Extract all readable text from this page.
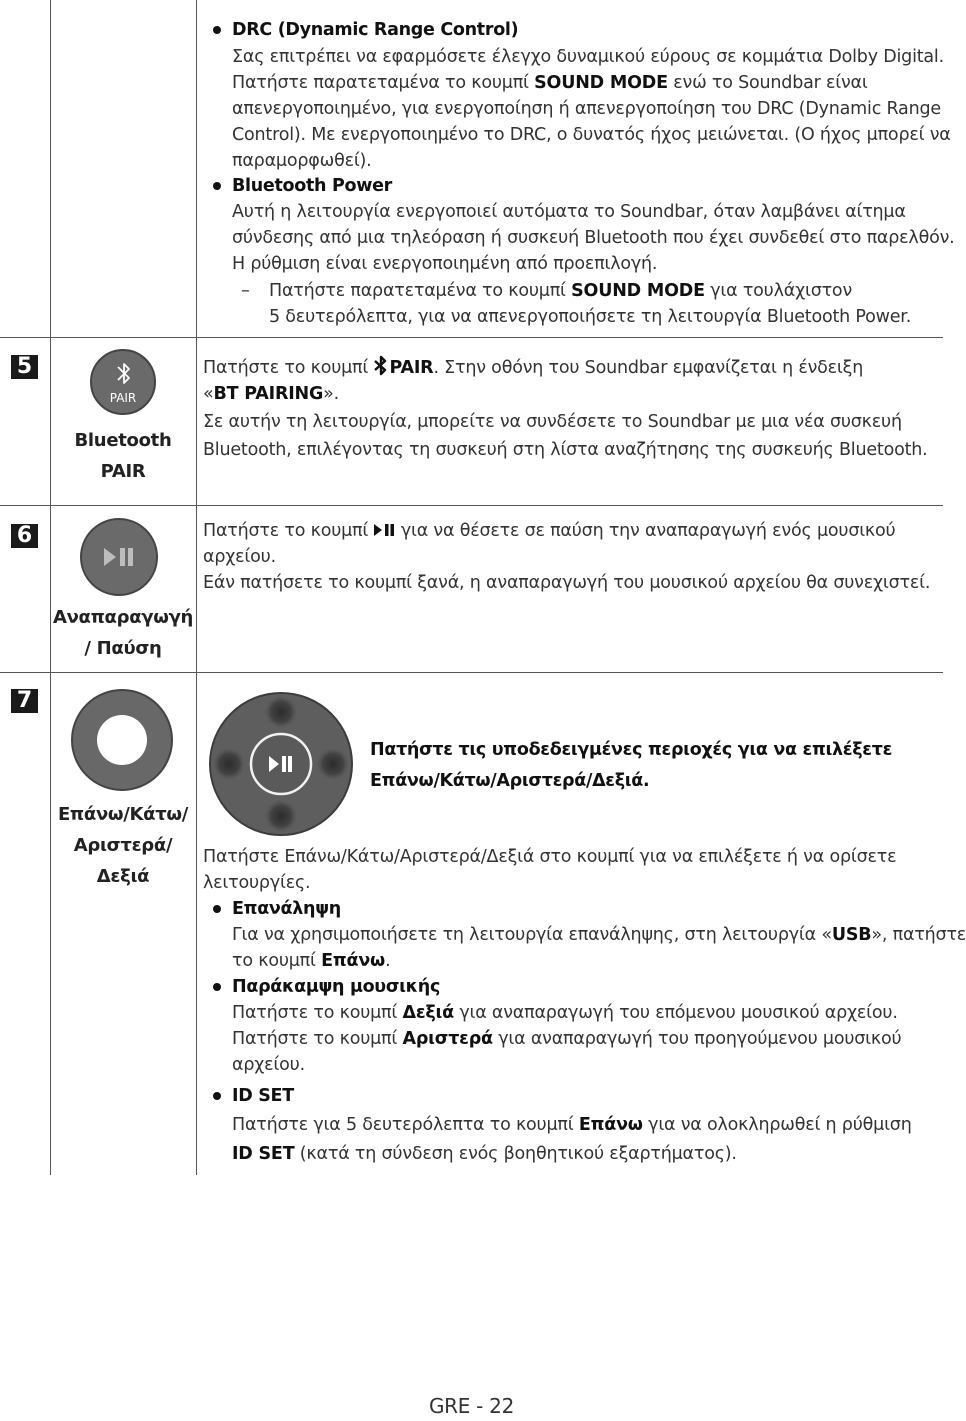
DRC (Dynamic Range Control)
Σας επιτρέπει να εφαρμόσετε έλεγχο δυναμικού εύρους σε κομμάτια Dolby Digital.
Πατήστε παρατεταμένα το κουμπί SOUND MODE ενώ το Soundbar είναι
απενεργοποιημένο, για ενεργοποίηση ή απενεργοποίηση του DRC (Dynamic Range
Control). Με ενεργοποιημένο το DRC, ο δυνατός ήχος μειώνεται. (Ο ήχος μπορεί να
παραμορφωθεί).
Bluetooth Power
Αυτή η λειτουργία ενεργοποιεί αυτόματα το Soundbar, όταν λαμβάνει αίτημα
σύνδεσης από μια τηλεόραση ή συσκευή Bluetooth που έχει συνδεθεί στο παρελθόν.
Η ρύθμιση είναι ενεργοποιημένη από προεπιλογή.
– Πατήστε παρατεταμένα το κουμπί SOUND MODE για τουλάχιστον
5 δευτερόλεπτα, για να απενεργοποιήσετε τη λειτουργία Bluetooth Power.
5
PAIR
Bluetooth
PAIR
Πατήστε το κουμπί PAIR. Στην οθόνη του Soundbar εμφανίζεται η ένδειξη
«BT PAIRING».
Σε αυτήν τη λειτουργία, μπορείτε να συνδέσετε το Soundbar με μια νέα συσκευή
Bluetooth, επιλέγοντας τη συσκευή στη λίστα αναζήτησης της συσκευής Bluetooth.
6
Αναπαραγωγή
/ Παύση
Πατήστε το κουμπί  για να θέσετε σε παύση την αναπαραγωγή ενός μουσικού
αρχείου.
Εάν πατήσετε το κουμπί ξανά, η αναπαραγωγή του μουσικού αρχείου θα συνεχιστεί.
7
Επάνω/Κάτω/
Αριστερά/
Δεξιά
Πατήστε τις υποδεδειγμένες περιοχές για να επιλέξετε
Επάνω/Κάτω/Αριστερά/Δεξιά.
Πατήστε Επάνω/Κάτω/Αριστερά/Δεξιά στο κουμπί για να επιλέξετε ή να ορίσετε
λειτουργίες.
Επανάληψη
Για να χρησιμοποιήσετε τη λειτουργία επανάληψης, στη λειτουργία «USB», πατήστε
το κουμπί Επάνω.
Παράκαμψη μουσικής
Πατήστε το κουμπί Δεξιά για αναπαραγωγή του επόμενου μουσικού αρχείου.
Πατήστε το κουμπί Αριστερά για αναπαραγωγή του προηγούμενου μουσικού
αρχείου.
ID SET
Πατήστε για 5 δευτερόλεπτα το κουμπί Επάνω για να ολοκληρωθεί η ρύθμιση
ID SET (κατά τη σύνδεση ενός βοηθητικού εξαρτήματος).
GRE - 22
